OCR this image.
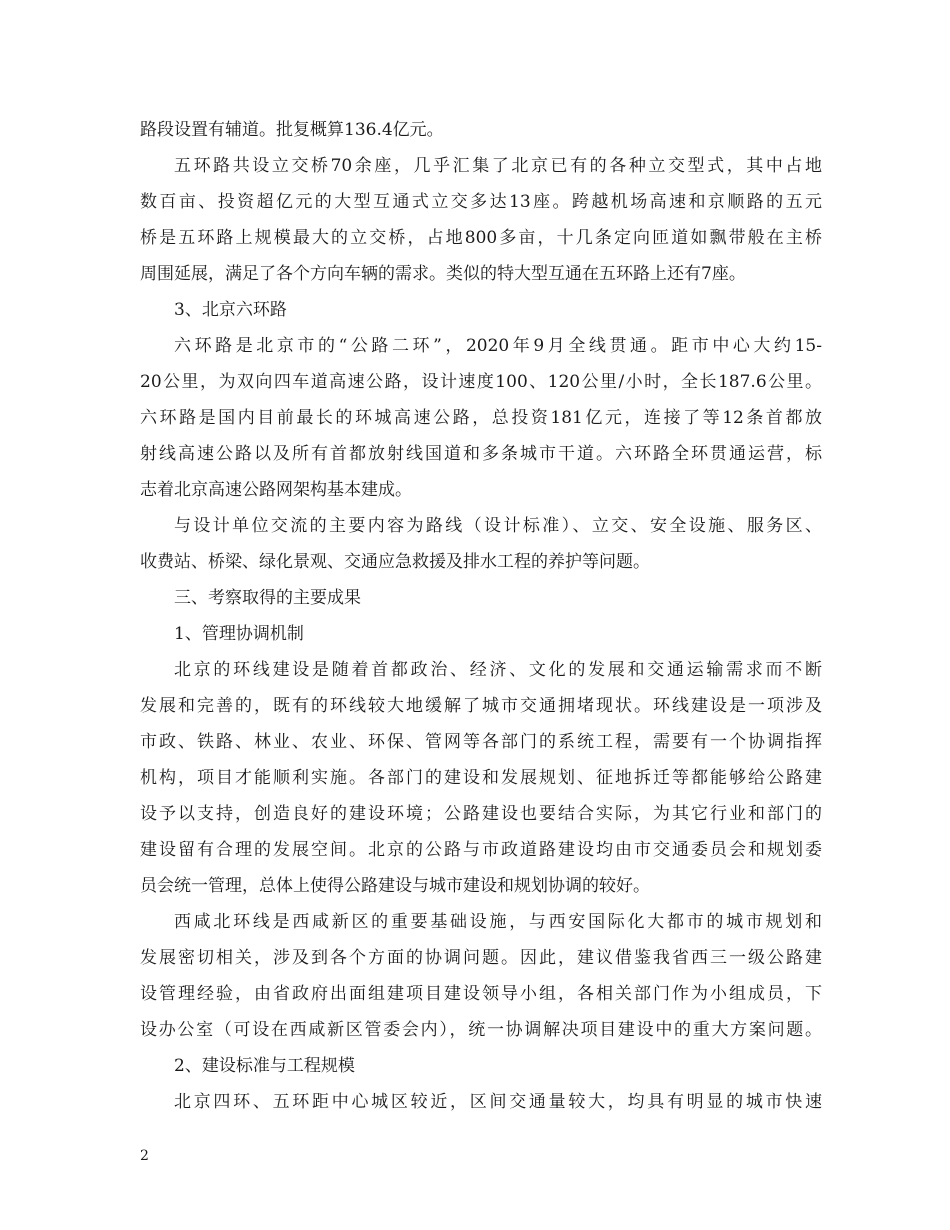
路段设置有辅道。批复概算136.4亿元。
五环路共设立交桥70余座，几乎汇集了北京已有的各种立交型式，其中占地
数百亩、投资超亿元的大型互通式立交多达13座。跨越机场高速和京顺路的五元
桥是五环路上规模最大的立交桥，占地800多亩，十几条定向匝道如飘带般在主桥
周围延展，满足了各个方向车辆的需求。类似的特大型互通在五环路上还有7座。
3、北京六环路
六环路是北京市的“公路二环”，2020年9月全线贯通。距市中心大约15-
20公里，为双向四车道高速公路，设计速度100、120公里/小时，全长187.6公里。
六环路是国内目前最长的环城高速公路，总投资181亿元，连接了等12条首都放
射线高速公路以及所有首都放射线国道和多条城市干道。六环路全环贯通运营，标
志着北京高速公路网架构基本建成。
与设计单位交流的主要内容为路线（设计标准）、立交、安全设施、服务区、
收费站、桥梁、绿化景观、交通应急救援及排水工程的养护等问题。
三、考察取得的主要成果
1、管理协调机制
北京的环线建设是随着首都政治、经济、文化的发展和交通运输需求而不断
发展和完善的，既有的环线较大地缓解了城市交通拥堵现状。环线建设是一项涉及
市政、铁路、林业、农业、环保、管网等各部门的系统工程，需要有一个协调指挥
机构，项目才能顺利实施。各部门的建设和发展规划、征地拆迁等都能够给公路建
设予以支持，创造良好的建设环境；公路建设也要结合实际，为其它行业和部门的
建设留有合理的发展空间。北京的公路与市政道路建设均由市交通委员会和规划委
员会统一管理，总体上使得公路建设与城市建设和规划协调的较好。
西咸北环线是西咸新区的重要基础设施，与西安国际化大都市的城市规划和
发展密切相关，涉及到各个方面的协调问题。因此，建议借鉴我省西三一级公路建
设管理经验，由省政府出面组建项目建设领导小组，各相关部门作为小组成员，下
设办公室（可设在西咸新区管委会内），统一协调解决项目建设中的重大方案问题。
2、建设标准与工程规模
北京四环、五环距中心城区较近，区间交通量较大，均具有明显的城市快速
2
